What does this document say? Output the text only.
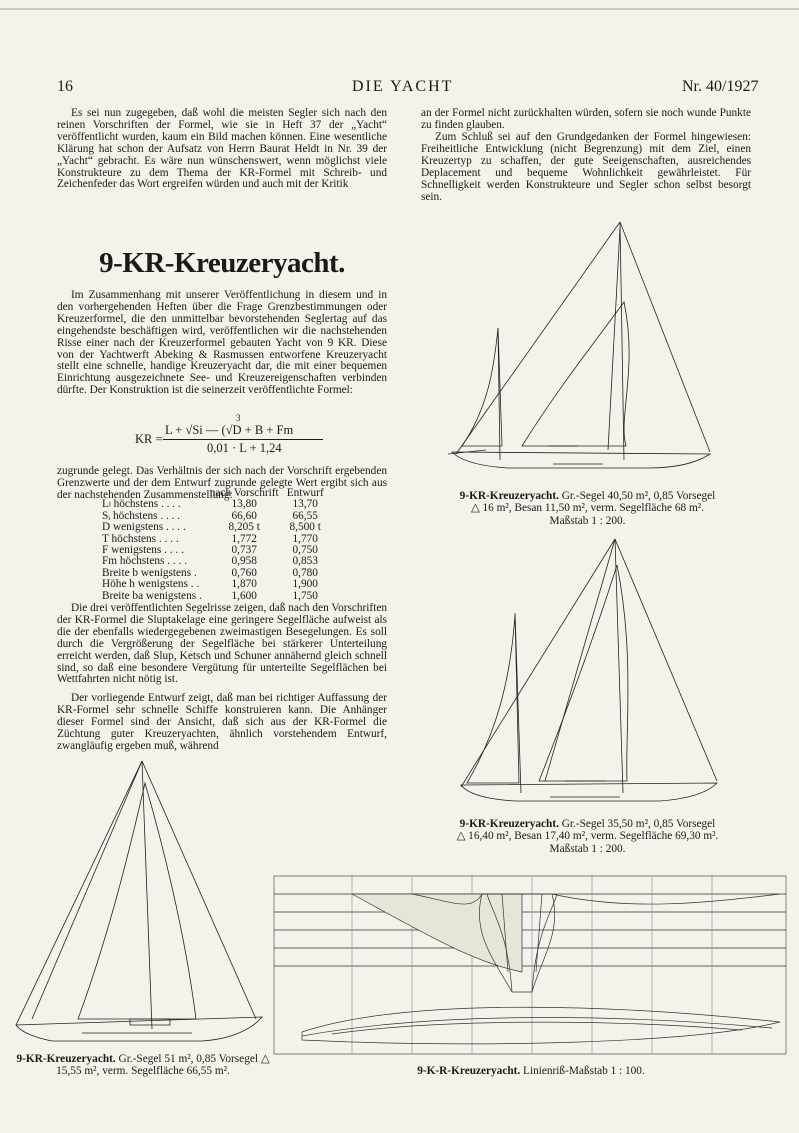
16	DIE YACHT	Nr. 40/1927

Es sei nun zugegeben, daß wohl die meisten Segler sich nach den reinen Vorschriften der Formel, wie sie in Heft 37 der „Yacht“ veröffentlicht wurden, kaum ein Bild machen können. Eine wesentliche Klärung hat schon der Aufsatz von Herrn Baurat Heldt in Nr. 39 der „Yacht“ gebracht. Es wäre nun wünschenswert, wenn möglichst viele Konstrukteure zu dem Thema der KR-Formel mit Schreib- und Zeichenfeder das Wort ergreifen würden und auch mit der Kritik

an der Formel nicht zurückhalten würden, sofern sie noch wunde Punkte zu finden glauben.

Zum Schluß sei auf den Grundgedanken der Formel hingewiesen: Freiheitliche Entwicklung (nicht Begrenzung) mit dem Ziel, einen Kreuzertyp zu schaffen, der gute Seeigenschaften, ausreichendes Deplacement und bequeme Wohnlichkeit gewährleistet. Für Schnelligkeit werden Konstrukteure und Segler schon selbst besorgt sein.

9-KR-Kreuzeryacht.

Im Zusammenhang mit unserer Veröffentlichung in diesem und in den vorhergehenden Heften über die Frage Grenzbestimmungen oder Kreuzerformel, die den unmittelbar bevorstehenden Seglertag auf das eingehendste beschäftigen wird, veröffentlichen wir die nachstehenden Risse einer nach der Kreuzerformel gebauten Yacht von 9 KR. Diese von der Yachtwerft Abeking & Rasmussen entworfene Kreuzeryacht stellt eine schnelle, handige Kreuzeryacht dar, die mit einer bequemen Einrichtung ausgezeichnete See- und Kreuzereigenschaften verbinden dürfte. Der Konstruktion ist die seinerzeit veröffentlichte Formel:

KR =
3
L + √Si — (√D + B + Fm
0,01 · L + 1,24

zugrunde gelegt. Das Verhältnis der sich nach der Vorschrift ergebenden Grenzwerte und der dem Entwurf zugrunde gelegte Wert ergibt sich aus der nachstehenden Zusammenstellung:

	nach Vorschrift	Entwurf
Lₗ höchstens . . . .	13,80	13,70
Sᵢ höchstens . . . .	66,60	66,55
D wenigstens . . . .	8,205 t	8,500 t
T höchstens . . . .	1,772	1,770
F wenigstens . . . .	0,737	0,750
Fm höchstens . . . .	0,958	0,853
Breite b wenigstens .	0,760	0,780
Höhe h wenigstens . .	1,870	1,900
Breite ba wenigstens .	1,600	1,750

Die drei veröffentlichten Segelrisse zeigen, daß nach den Vorschriften der KR-Formel die Sluptakelage eine geringere Segelfläche aufweist als die der ebenfalls wiedergegebenen zweimastigen Besegelungen. Es soll durch die Vergrößerung der Segelfläche bei stärkerer Unterteilung erreicht werden, daß Slup, Ketsch und Schuner annähernd gleich schnell sind, so daß eine besondere Vergütung für unterteilte Segelflächen bei Wettfahrten nicht nötig ist.

Der vorliegende Entwurf zeigt, daß man bei richtiger Auffassung der KR-Formel sehr schnelle Schiffe konstruieren kann. Die Anhänger dieser Formel sind der Ansicht, daß sich aus der KR-Formel die Züchtung guter Kreuzeryachten, ähnlich vorstehendem Entwurf, zwangläufig ergeben muß, während

9-KR-Kreuzeryacht. Gr.-Segel 40,50 m², 0,85 Vorsegel △ 16 m², Besan 11,50 m², verm. Segelfläche 68 m². Maßstab 1 : 200.

9-KR-Kreuzeryacht. Gr.-Segel 35,50 m², 0,85 Vorsegel △ 16,40 m², Besan 17,40 m², verm. Segelfläche 69,30 m². Maßstab 1 : 200.

9-KR-Kreuzeryacht. Gr.-Segel 51 m², 0,85 Vorsegel △ 15,55 m², verm. Segelfläche 66,55 m².	9-K-R-Kreuzeryacht. Linienriß-Maßstab 1 : 100.
